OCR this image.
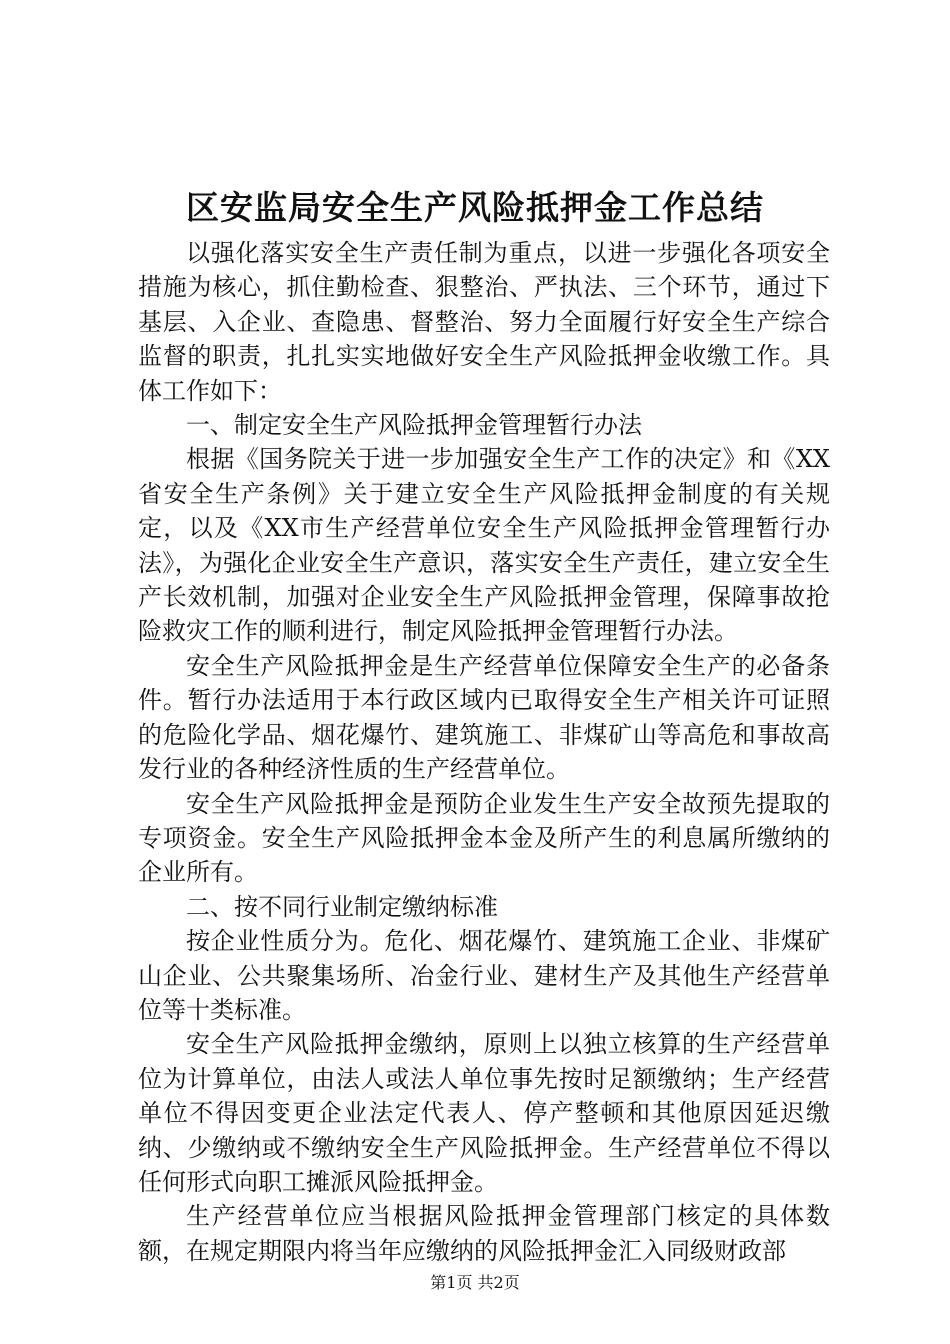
区安监局安全生产风险抵押金工作总结

以强化落实安全生产责任制为重点，以进一步强化各项安全措施为核心，抓住勤检查、狠整治、严执法、三个环节，通过下基层、入企业、查隐患、督整治、努力全面履行好安全生产综合监督的职责，扎扎实实地做好安全生产风险抵押金收缴工作。具体工作如下：

一、制定安全生产风险抵押金管理暂行办法

根据《国务院关于进一步加强安全生产工作的决定》和《XX省安全生产条例》关于建立安全生产风险抵押金制度的有关规定，以及《XX市生产经营单位安全生产风险抵押金管理暂行办法》，为强化企业安全生产意识，落实安全生产责任，建立安全生产长效机制，加强对企业安全生产风险抵押金管理，保障事故抢险救灾工作的顺利进行，制定风险抵押金管理暂行办法。

安全生产风险抵押金是生产经营单位保障安全生产的必备条件。暂行办法适用于本行政区域内已取得安全生产相关许可证照的危险化学品、烟花爆竹、建筑施工、非煤矿山等高危和事故高发行业的各种经济性质的生产经营单位。

安全生产风险抵押金是预防企业发生生产安全故预先提取的专项资金。安全生产风险抵押金本金及所产生的利息属所缴纳的企业所有。

二、按不同行业制定缴纳标准

按企业性质分为。危化、烟花爆竹、建筑施工企业、非煤矿山企业、公共聚集场所、冶金行业、建材生产及其他生产经营单位等十类标准。

安全生产风险抵押金缴纳，原则上以独立核算的生产经营单位为计算单位，由法人或法人单位事先按时足额缴纳；生产经营单位不得因变更企业法定代表人、停产整顿和其他原因延迟缴纳、少缴纳或不缴纳安全生产风险抵押金。生产经营单位不得以任何形式向职工摊派风险抵押金。

生产经营单位应当根据风险抵押金管理部门核定的具体数额，在规定期限内将当年应缴纳的风险抵押金汇入同级财政部

第1页 共2页
